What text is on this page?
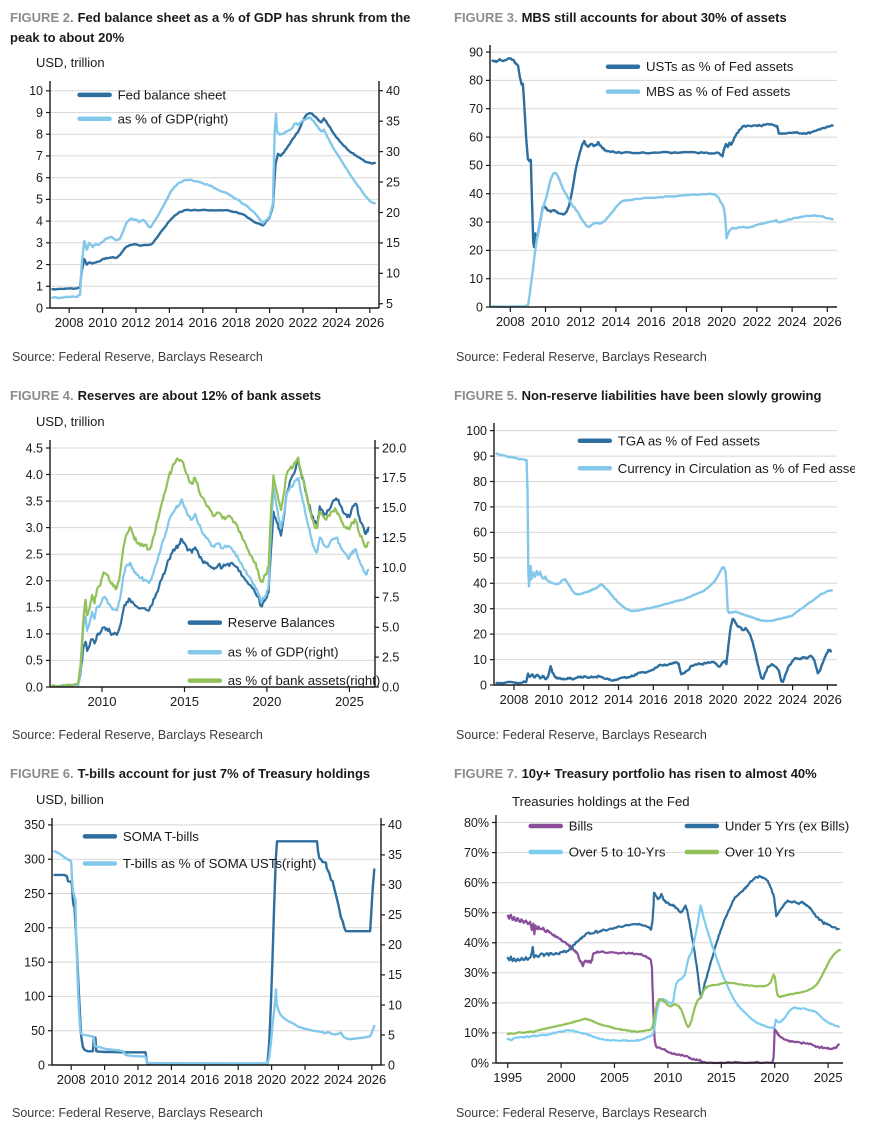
FIGURE 2. Fed balance sheet as a % of GDP has shrunk from the peak to about 20%
USD, trillion
0
1
2
3
4
5
6
7
8
9
10
5
10
15
20
25
30
35
40
2008 2010 2012 2014 2016 2018 2020 2022 2024 2026
Fed balance sheet
as % of GDP(right)
Source: Federal Reserve, Barclays Research
FIGURE 3. MBS still accounts for about 30% of assets
0
10
20
30
40
50
60
70
80
90
2008 2010 2012 2014 2016 2018 2020 2022 2024 2026
USTs as % of Fed assets
MBS as % of Fed assets
Source: Federal Reserve, Barclays Research
FIGURE 4. Reserves are about 12% of bank assets
USD, trillion
0.0
0.5
1.0
1.5
2.0
2.5
3.0
3.5
4.0
4.5
0.0
2.5
5.0
7.5
10.0
12.5
15.0
17.5
20.0
2010	2015	2020	2025
Reserve Balances
as % of GDP(right)
as % of bank assets(right)
Source: Federal Reserve, Barclays Research
FIGURE 5. Non-reserve liabilities have been slowly growing
0
10
20
30
40
50
60
70
80
90
100
2008 2010 2012 2014 2016 2018 2020 2022 2024 2026
TGA as % of Fed assets
Currency in Circulation as % of Fed assets
Source: Federal Reserve, Barclays Research
FIGURE 6. T-bills account for just 7% of Treasury holdings
USD, billion
0
50
100
150
200
250
300
350
0
5
10
15
20
25
30
35
40
2008 2010 2012 2014 2016 2018 2020 2022 2024 2026
SOMA T-bills
T-bills as % of SOMA USTs(right)
Source: Federal Reserve, Barclays Research
FIGURE 7. 10y+ Treasury portfolio has risen to almost 40%
0%
10%
20%
30%
40%
50%
60%
70%
80%
1995 2000 2005 2010 2015 2020 2025
Bills	Under 5 Yrs (ex Bills)
Over 5 to 10-Yrs	Over 10 Yrs
Treasuries holdings at the Fed
Source: Federal Reserve, Barclays Research
